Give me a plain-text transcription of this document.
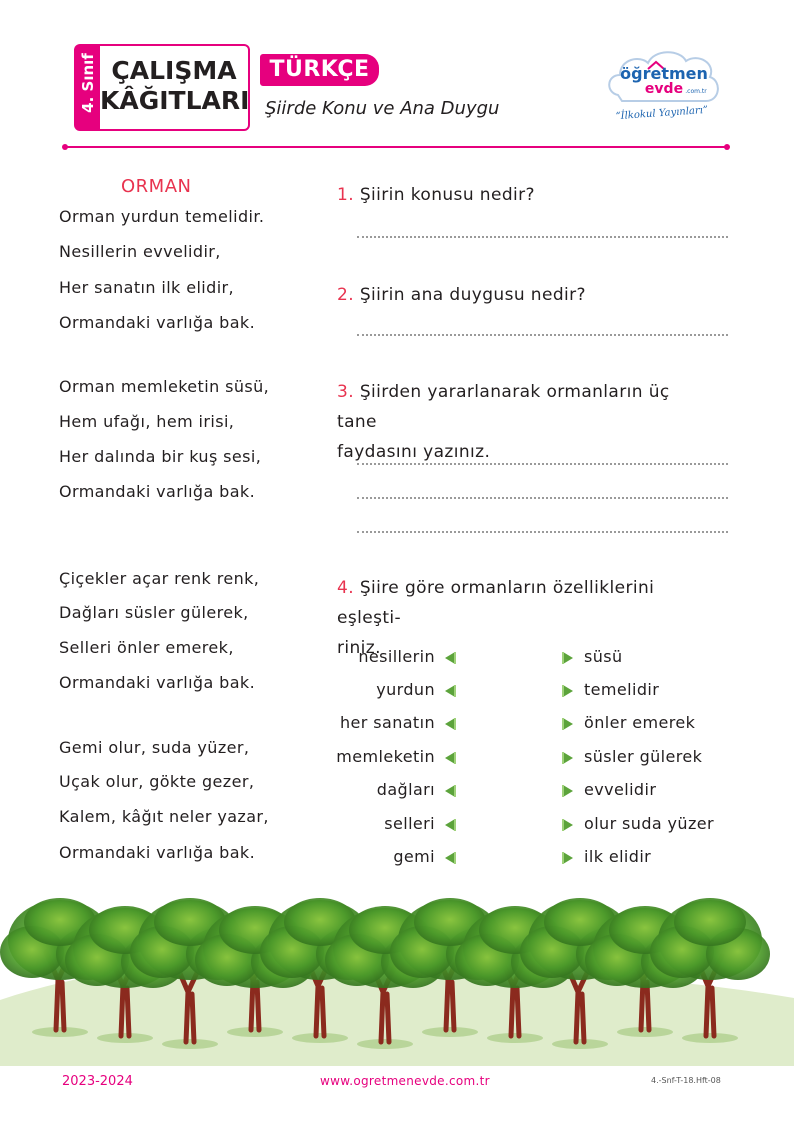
4. Sınıf ÇALIŞMA
KÂĞITLARI
TÜRKÇE
Şiirde Konu ve Ana Duygu
öğretmen
evde .com.tr
“İlkokul Yayınları”
ORMAN
Orman yurdun temelidir.
Nesillerin evvelidir,
Her sanatın ilk elidir,
Ormandaki varlığa bak.
Orman memleketin süsü,
Hem ufağı, hem irisi,
Her dalında bir kuş sesi,
Ormandaki varlığa bak.
Çiçekler açar renk renk,
Dağları süsler gülerek,
Selleri önler emerek,
Ormandaki varlığa bak.
Gemi olur, suda yüzer,
Uçak olur, gökte gezer,
Kalem, kâğıt neler yazar,
Ormandaki varlığa bak.
1. Şiirin konusu nedir?
2. Şiirin ana duygusu nedir?
3. Şiirden yararlanarak ormanların üç tane
faydasını yazınız.
4. Şiire göre ormanların özelliklerini eşleşti-
riniz.
nesillerin	süsü
yurdun	temelidir
her sanatın	önler emerek
memleketin	süsler gülerek
dağları	evvelidir
selleri	olur suda yüzer
gemi	ilk elidir
2023-2024	www.ogretmenevde.com.tr	4.-Snf-T-18.Hft-08
